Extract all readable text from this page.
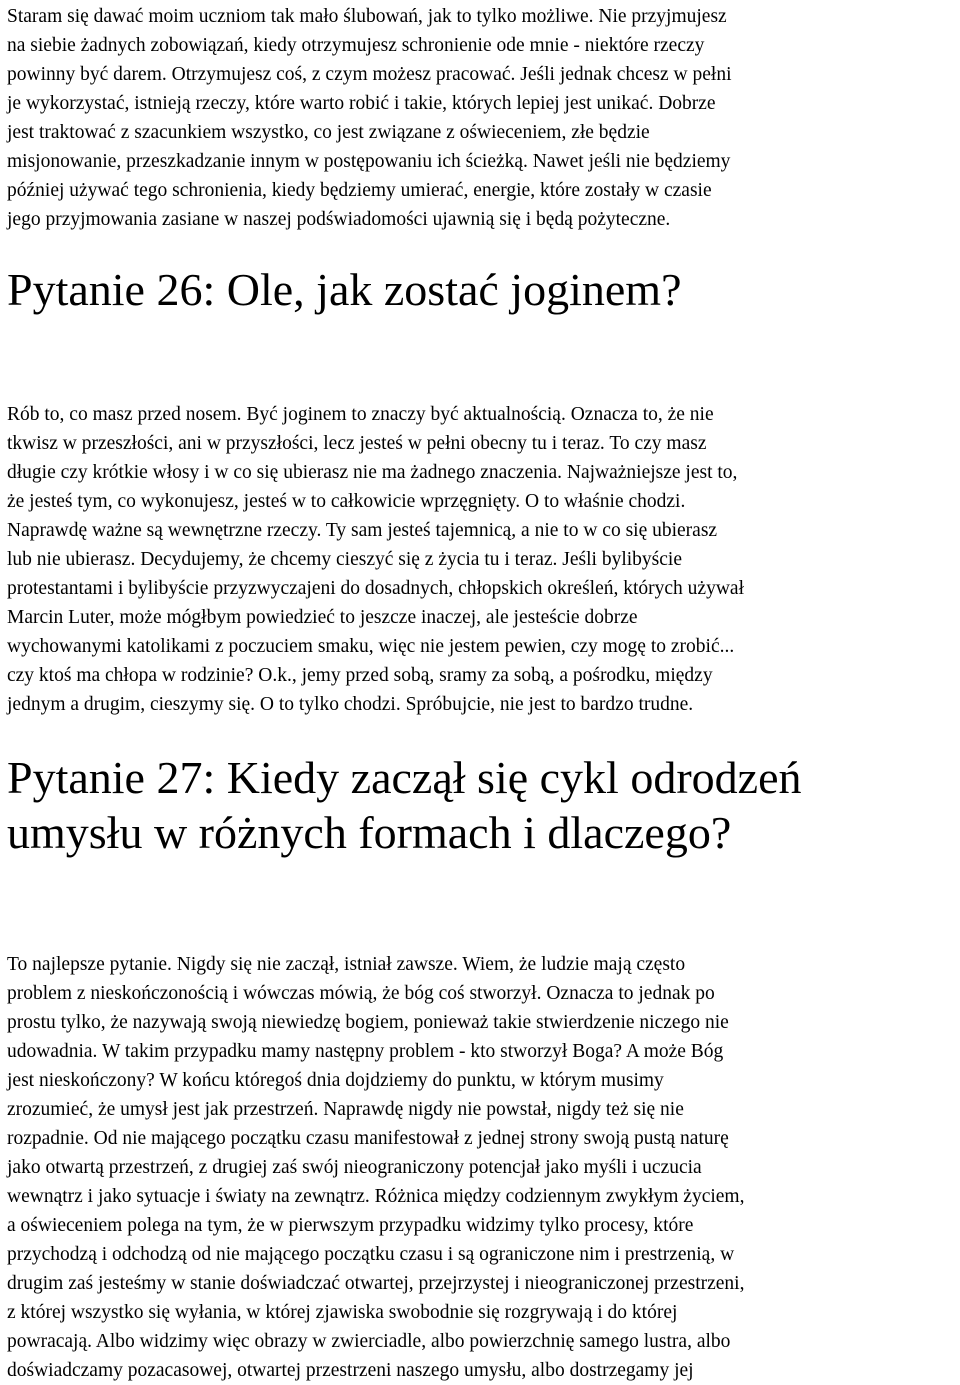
Staram się dawać moim uczniom tak mało ślubowań, jak to tylko możliwe. Nie przyjmujesz
na siebie żadnych zobowiązań, kiedy otrzymujesz schronienie ode mnie - niektóre rzeczy
powinny być darem. Otrzymujesz coś, z czym możesz pracować. Jeśli jednak chcesz w pełni
je wykorzystać, istnieją rzeczy, które warto robić i takie, których lepiej jest unikać. Dobrze
jest traktować z szacunkiem wszystko, co jest związane z oświeceniem, złe będzie
misjonowanie, przeszkadzanie innym w postępowaniu ich ścieżką. Nawet jeśli nie będziemy
później używać tego schronienia, kiedy będziemy umierać, energie, które zostały w czasie
jego przyjmowania zasiane w naszej podświadomości ujawnią się i będą pożyteczne.
Pytanie 26: Ole, jak zostać joginem?
Rób to, co masz przed nosem. Być joginem to znaczy być aktualnością. Oznacza to, że nie
tkwisz w przeszłości, ani w przyszłości, lecz jesteś w pełni obecny tu i teraz. To czy masz
długie czy krótkie włosy i w co się ubierasz nie ma żadnego znaczenia. Najważniejsze jest to,
że jesteś tym, co wykonujesz, jesteś w to całkowicie wprzęgnięty. O to właśnie chodzi.
Naprawdę ważne są wewnętrzne rzeczy. Ty sam jesteś tajemnicą, a nie to w co się ubierasz
lub nie ubierasz. Decydujemy, że chcemy cieszyć się z życia tu i teraz. Jeśli bylibyście
protestantami i bylibyście przyzwyczajeni do dosadnych, chłopskich określeń, których używał
Marcin Luter, może mógłbym powiedzieć to jeszcze inaczej, ale jesteście dobrze
wychowanymi katolikami z poczuciem smaku, więc nie jestem pewien, czy mogę to zrobić...
czy ktoś ma chłopa w rodzinie? O.k., jemy przed sobą, sramy za sobą, a pośrodku, między
jednym a drugim, cieszymy się. O to tylko chodzi. Spróbujcie, nie jest to bardzo trudne.
Pytanie 27: Kiedy zaczął się cykl odrodzeń
umysłu w różnych formach i dlaczego?
To najlepsze pytanie. Nigdy się nie zaczął, istniał zawsze. Wiem, że ludzie mają często
problem z nieskończonością i wówczas mówią, że bóg coś stworzył. Oznacza to jednak po
prostu tylko, że nazywają swoją niewiedzę bogiem, ponieważ takie stwierdzenie niczego nie
udowadnia. W takim przypadku mamy następny problem - kto stworzył Boga? A może Bóg
jest nieskończony? W końcu któregoś dnia dojdziemy do punktu, w którym musimy
zrozumieć, że umysł jest jak przestrzeń. Naprawdę nigdy nie powstał, nigdy też się nie
rozpadnie. Od nie mającego początku czasu manifestował z jednej strony swoją pustą naturę
jako otwartą przestrzeń, z drugiej zaś swój nieograniczony potencjał jako myśli i uczucia
wewnątrz i jako sytuacje i światy na zewnątrz. Różnica między codziennym zwykłym życiem,
a oświeceniem polega na tym, że w pierwszym przypadku widzimy tylko procesy, które
przychodzą i odchodzą od nie mającego początku czasu i są ograniczone nim i prestrzenią, w
drugim zaś jesteśmy w stanie doświadczać otwartej, przejrzystej i nieograniczonej przestrzeni,
z której wszystko się wyłania, w której zjawiska swobodnie się rozgrywają i do której
powracają. Albo widzimy więc obrazy w zwierciadle, albo powierzchnię samego lustra, albo
doświadczamy pozacasowej, otwartej przestrzeni naszego umysłu, albo dostrzegamy jej
